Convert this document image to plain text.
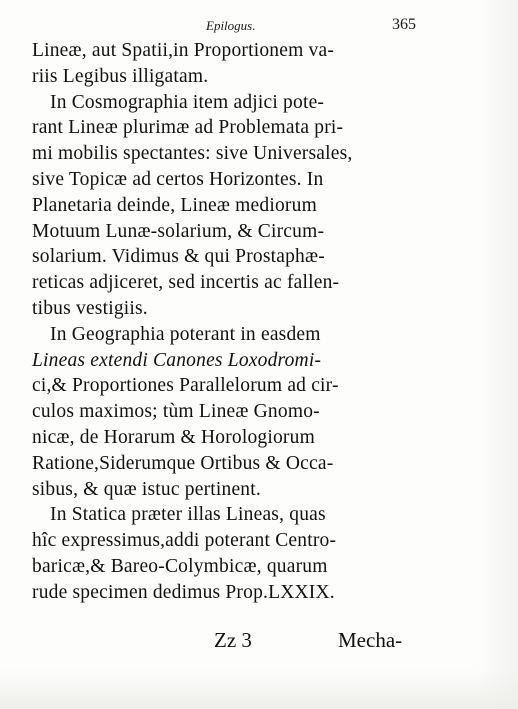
Epilogus.	365
Lineæ, aut Spatii,in Proportionem va-
riis Legibus illigatam.
In Cosmographia item adjici pote-
rant Lineæ plurimæ ad Problemata pri-
mi mobilis spectantes: sive Universales,
sive Topicæ ad certos Horizontes. In
Planetaria deinde, Lineæ mediorum
Motuum Lunæ-solarium, & Circum-
solarium. Vidimus & qui Prostaphæ-
reticas adjiceret, sed incertis ac fallen-
tibus vestigiis.
In Geographia poterant in easdem
Lineas extendi Canones Loxodromi-
ci,& Proportiones Parallelorum ad cir-
culos maximos; tùm Lineæ Gnomo-
nicæ, de Horarum & Horologiorum
Ratione,Siderumque Ortibus & Occa-
sibus, & quæ istuc pertinent.
In Statica præter illas Lineas, quas
hîc expressimus,addi poterant Centro-
baricæ,& Bareo-Colymbicæ, quarum
rude specimen dedimus Prop.LXXIX.
Zz 3	Mecha-
